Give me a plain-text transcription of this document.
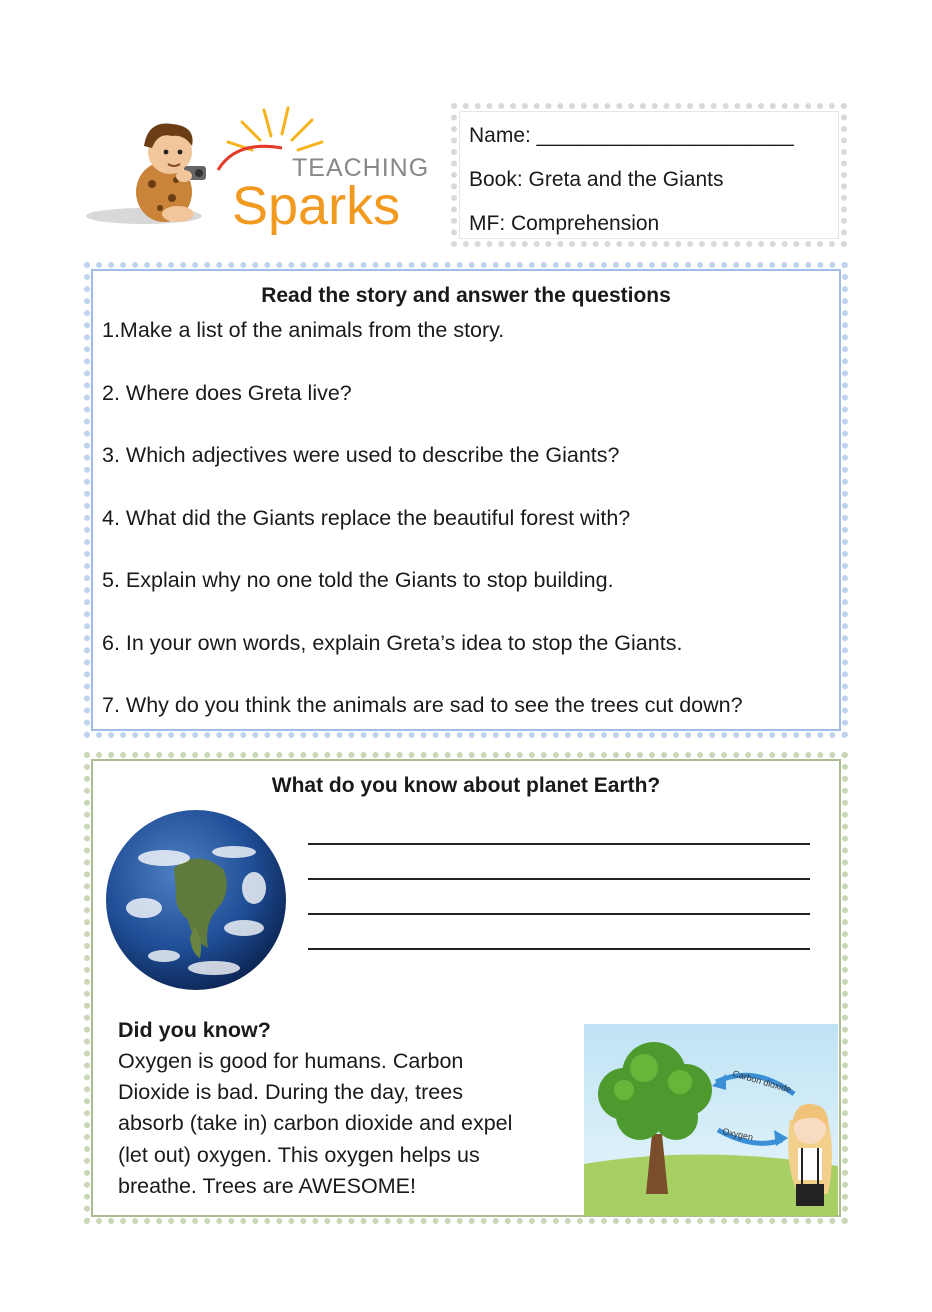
TEACHING
Sparks
Name: ______________________
Book: Greta and the Giants
MF: Comprehension
Read the story and answer the questions
1.Make a list of the animals from the story.
2. Where does Greta live?
3. Which adjectives were used to describe the Giants?
4. What did the Giants replace the beautiful forest with?
5. Explain why no one told the Giants to stop building.
6. In your own words, explain Greta’s idea to stop the Giants.
7. Why do you think the animals are sad to see the trees cut down?
What do you know about planet Earth?
Did you know?
Oxygen is good for humans. Carbon
Dioxide is bad. During the day, trees
absorb (take in) carbon dioxide and expel
(let out) oxygen. This oxygen helps us
breathe. Trees are AWESOME!
Carbon dioxide
Oxygen
